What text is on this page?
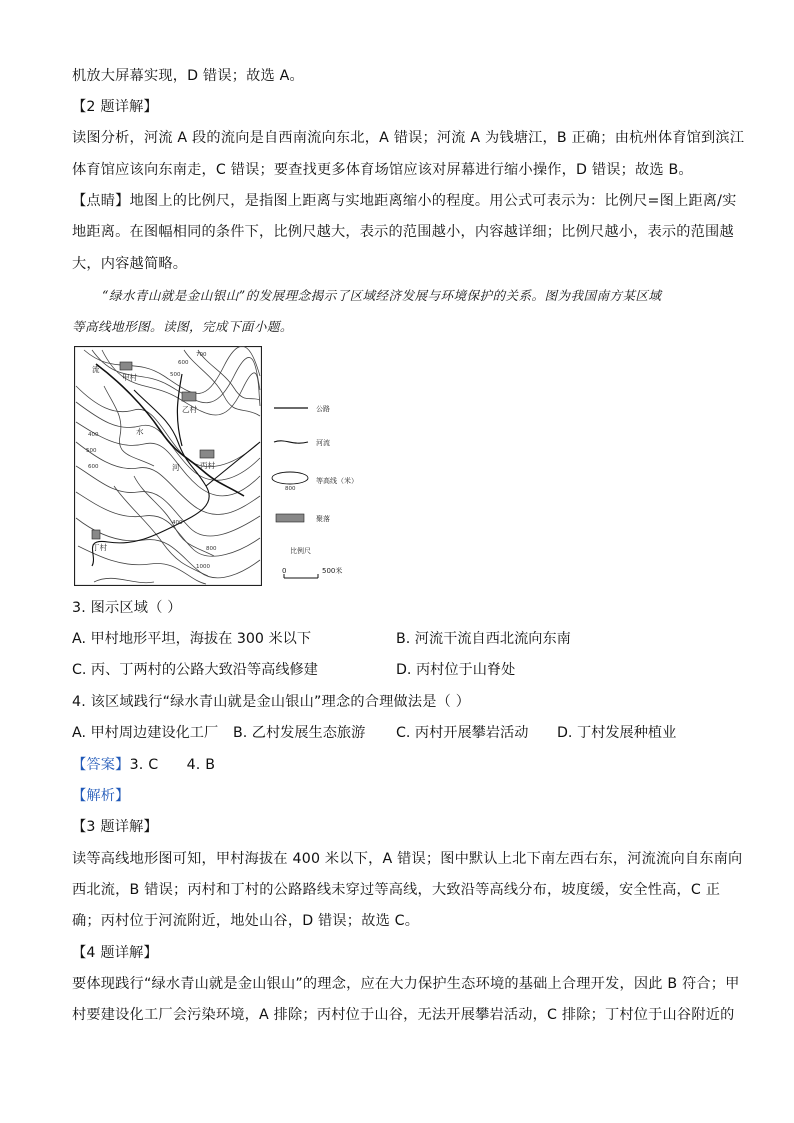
机放大屏幕实现，D 错误；故选 A。
【2 题详解】
读图分析，河流 A 段的流向是自西南流向东北，A 错误；河流 A 为钱塘江，B 正确；由杭州体育馆到滨江
体育馆应该向东南走，C 错误；要查找更多体育场馆应该对屏幕进行缩小操作，D 错误；故选 B。
【点睛】地图上的比例尺，是指图上距离与实地距离缩小的程度。用公式可表示为：比例尺=图上距离/实
地距离。在图幅相同的条件下，比例尺越大，表示的范围越小，内容越详细；比例尺越小，表示的范围越
大，内容越简略。
“绿水青山就是金山银山”的发展理念揭示了区域经济发展与环境保护的关系。图为我国南方某区域
等高线地形图。读图，完成下面小题。
流
甲村
乙村
水
丙村
河
丁村
700
600
500
400
500
600
400
800
1000
公路
河流
800
等高线（米）
聚落
比例尺
0	500米
3. 图示区域（ ）
A. 甲村地形平坦，海拔在 300 米以下	B. 河流干流自西北流向东南
C. 丙、丁两村的公路大致沿等高线修建	D. 丙村位于山脊处
4. 该区域践行“绿水青山就是金山银山”理念的合理做法是（ ）
A. 甲村周边建设化工厂 B. 乙村发展生态旅游 C. 丙村开展攀岩活动 D. 丁村发展种植业
【答案】3. C      4. B
【解析】
【3 题详解】
读等高线地形图可知，甲村海拔在 400 米以下，A 错误；图中默认上北下南左西右东，河流流向自东南向
西北流，B 错误；丙村和丁村的公路路线未穿过等高线，大致沿等高线分布，坡度缓，安全性高，C 正
确；丙村位于河流附近，地处山谷，D 错误；故选 C。
【4 题详解】
要体现践行“绿水青山就是金山银山”的理念，应在大力保护生态环境的基础上合理开发，因此 B 符合；甲
村要建设化工厂会污染环境，A 排除；丙村位于山谷，无法开展攀岩活动，C 排除；丁村位于山谷附近的
